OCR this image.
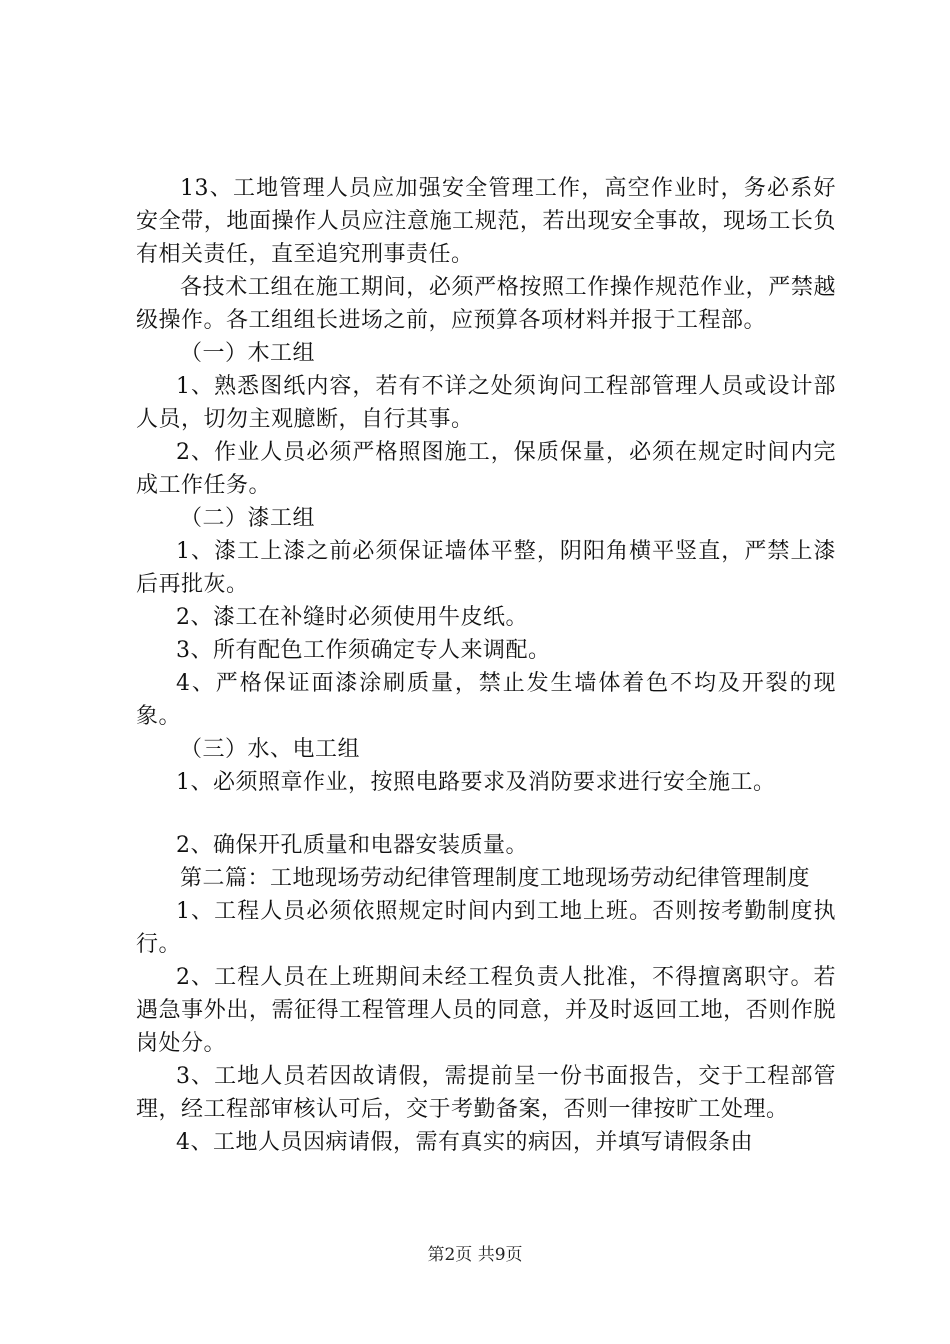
13、工地管理人员应加强安全管理工作，高空作业时，务必系好安全带，地面操作人员应注意施工规范，若出现安全事故，现场工长负有相关责任，直至追究刑事责任。

各技术工组在施工期间，必须严格按照工作操作规范作业，严禁越级操作。各工组组长进场之前，应预算各项材料并报于工程部。

（一）木工组

1、熟悉图纸内容，若有不详之处须询问工程部管理人员或设计部人员，切勿主观臆断，自行其事。

2、作业人员必须严格照图施工，保质保量，必须在规定时间内完成工作任务。

（二）漆工组

1、漆工上漆之前必须保证墙体平整，阴阳角横平竖直，严禁上漆后再批灰。

2、漆工在补缝时必须使用牛皮纸。

3、所有配色工作须确定专人来调配。

4、严格保证面漆涂刷质量，禁止发生墙体着色不均及开裂的现象。

（三）水、电工组

1、必须照章作业，按照电路要求及消防要求进行安全施工。

2、确保开孔质量和电器安装质量。

第二篇：工地现场劳动纪律管理制度工地现场劳动纪律管理制度

1、工程人员必须依照规定时间内到工地上班。否则按考勤制度执行。

2、工程人员在上班期间未经工程负责人批准，不得擅离职守。若遇急事外出，需征得工程管理人员的同意，并及时返回工地，否则作脱岗处分。

3、工地人员若因故请假，需提前呈一份书面报告，交于工程部管理，经工程部审核认可后，交于考勤备案，否则一律按旷工处理。

4、工地人员因病请假，需有真实的病因，并填写请假条由

第2页 共9页
